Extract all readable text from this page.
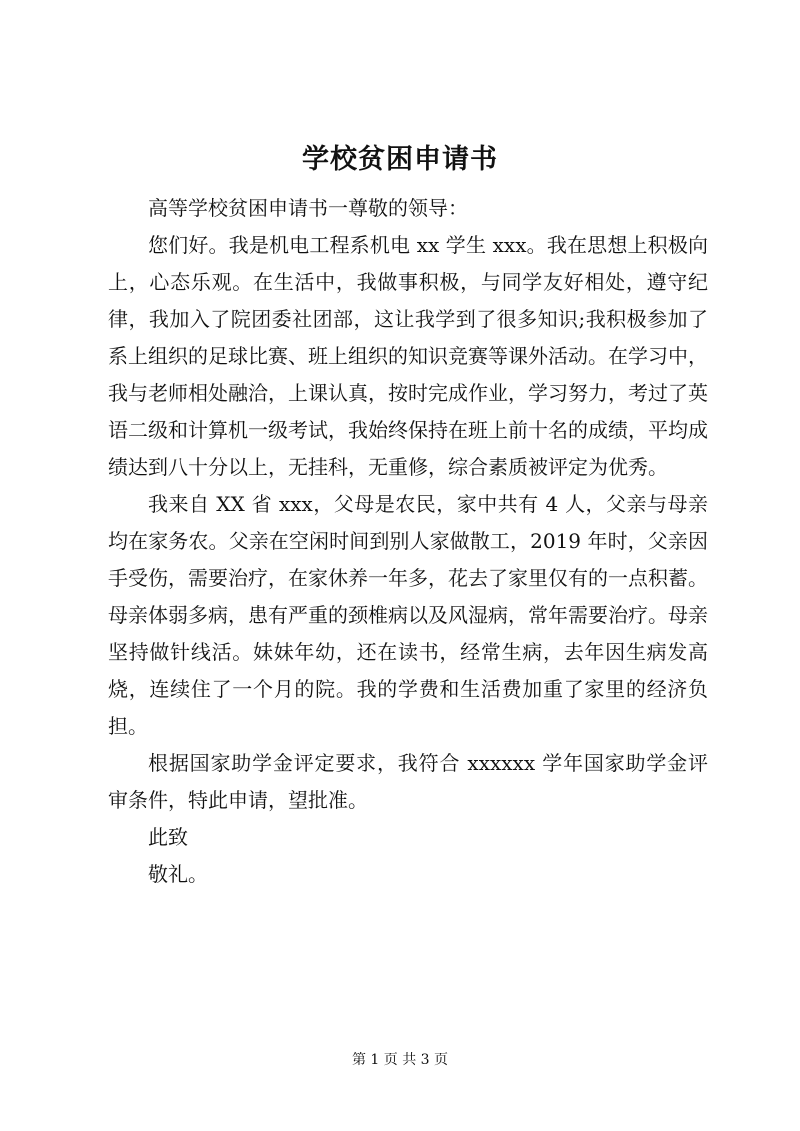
学校贫困申请书

高等学校贫困申请书一尊敬的领导：

您们好。我是机电工程系机电 xx 学生 xxx。我在思想上积极向上，心态乐观。在生活中，我做事积极，与同学友好相处，遵守纪律，我加入了院团委社团部，这让我学到了很多知识;我积极参加了系上组织的足球比赛、班上组织的知识竞赛等课外活动。在学习中，我与老师相处融洽，上课认真，按时完成作业，学习努力，考过了英语二级和计算机一级考试，我始终保持在班上前十名的成绩，平均成绩达到八十分以上，无挂科，无重修，综合素质被评定为优秀。

我来自 XX 省 xxx，父母是农民，家中共有 4 人，父亲与母亲均在家务农。父亲在空闲时间到别人家做散工，2019 年时，父亲因手受伤，需要治疗，在家休养一年多，花去了家里仅有的一点积蓄。母亲体弱多病，患有严重的颈椎病以及风湿病，常年需要治疗。母亲坚持做针线活。妹妹年幼，还在读书，经常生病，去年因生病发高烧，连续住了一个月的院。我的学费和生活费加重了家里的经济负担。

根据国家助学金评定要求，我符合 xxxxxx 学年国家助学金评审条件，特此申请，望批准。

此致

敬礼。

第 1 页 共 3 页
